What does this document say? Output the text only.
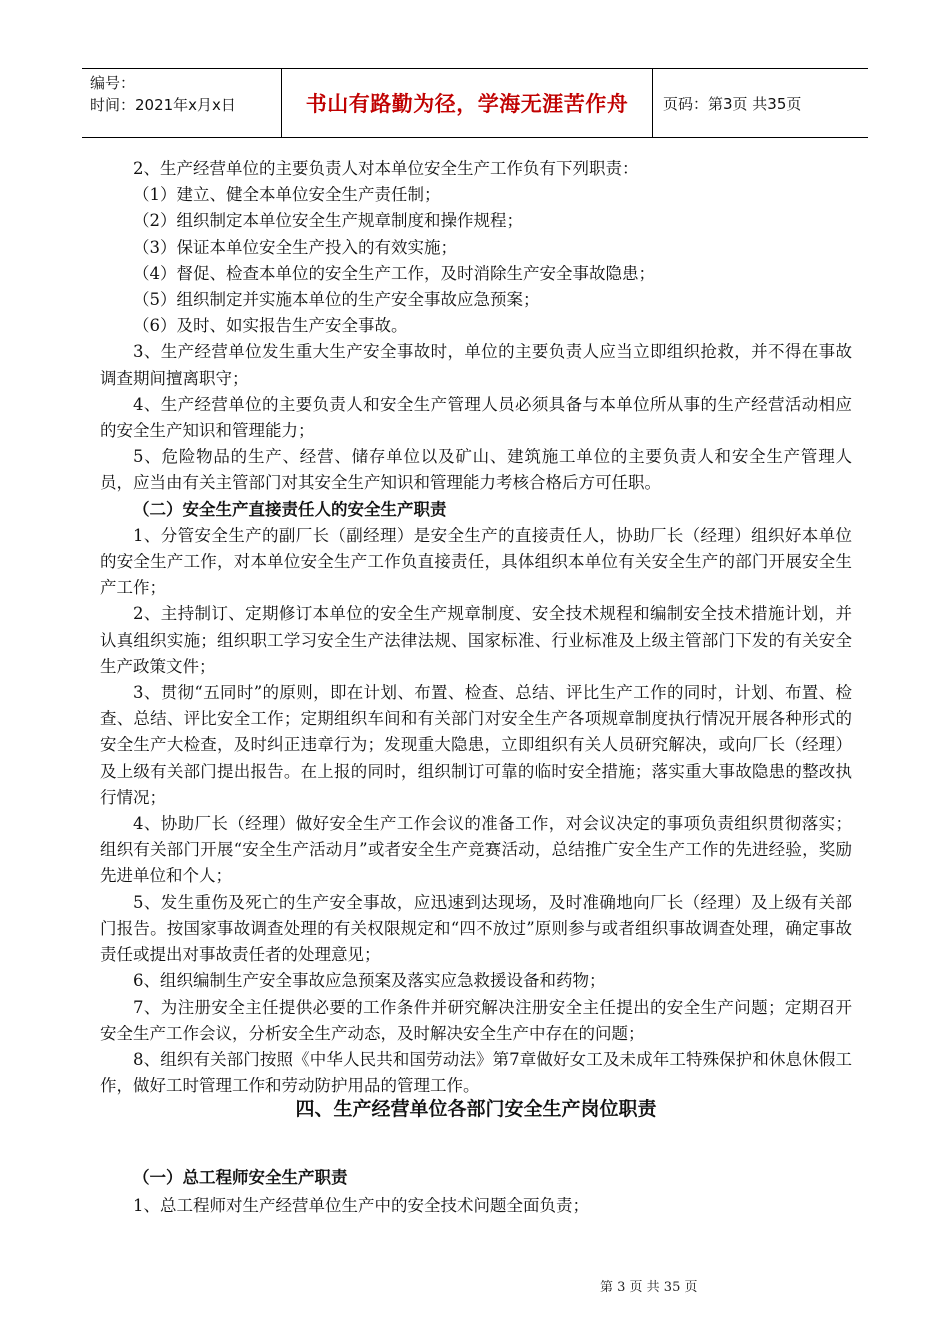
编号：
时间：2021年x月x日	书山有路勤为径，学海无涯苦作舟	页码：第3页 共35页

2、生产经营单位的主要负责人对本单位安全生产工作负有下列职责：

（1）建立、健全本单位安全生产责任制；

（2）组织制定本单位安全生产规章制度和操作规程；

（3）保证本单位安全生产投入的有效实施；

（4）督促、检查本单位的安全生产工作，及时消除生产安全事故隐患；

（5）组织制定并实施本单位的生产安全事故应急预案；

（6）及时、如实报告生产安全事故。

3、生产经营单位发生重大生产安全事故时，单位的主要负责人应当立即组织抢救，并不得在事故调查期间擅离职守；

4、生产经营单位的主要负责人和安全生产管理人员必须具备与本单位所从事的生产经营活动相应的安全生产知识和管理能力；

5、危险物品的生产、经营、储存单位以及矿山、建筑施工单位的主要负责人和安全生产管理人员，应当由有关主管部门对其安全生产知识和管理能力考核合格后方可任职。

（二）安全生产直接责任人的安全生产职责

1、分管安全生产的副厂长（副经理）是安全生产的直接责任人，协助厂长（经理）组织好本单位的安全生产工作，对本单位安全生产工作负直接责任，具体组织本单位有关安全生产的部门开展安全生产工作；

2、主持制订、定期修订本单位的安全生产规章制度、安全技术规程和编制安全技术措施计划，并认真组织实施；组织职工学习安全生产法律法规、国家标准、行业标准及上级主管部门下发的有关安全生产政策文件；

3、贯彻“五同时”的原则，即在计划、布置、检查、总结、评比生产工作的同时，计划、布置、检查、总结、评比安全工作；定期组织车间和有关部门对安全生产各项规章制度执行情况开展各种形式的安全生产大检查，及时纠正违章行为；发现重大隐患，立即组织有关人员研究解决，或向厂长（经理）及上级有关部门提出报告。在上报的同时，组织制订可靠的临时安全措施；落实重大事故隐患的整改执行情况；

4、协助厂长（经理）做好安全生产工作会议的准备工作，对会议决定的事项负责组织贯彻落实；组织有关部门开展“安全生产活动月”或者安全生产竞赛活动，总结推广安全生产工作的先进经验，奖励先进单位和个人；

5、发生重伤及死亡的生产安全事故，应迅速到达现场，及时准确地向厂长（经理）及上级有关部门报告。按国家事故调查处理的有关权限规定和“四不放过”原则参与或者组织事故调查处理，确定事故责任或提出对事故责任者的处理意见；

6、组织编制生产安全事故应急预案及落实应急救援设备和药物；

7、为注册安全主任提供必要的工作条件并研究解决注册安全主任提出的安全生产问题；定期召开安全生产工作会议，分析安全生产动态，及时解决安全生产中存在的问题；

8、组织有关部门按照《中华人民共和国劳动法》第7章做好女工及未成年工特殊保护和休息休假工作，做好工时管理工作和劳动防护用品的管理工作。

四、生产经营单位各部门安全生产岗位职责

（一）总工程师安全生产职责

1、总工程师对生产经营单位生产中的安全技术问题全面负责；

第 3 页 共 35 页
